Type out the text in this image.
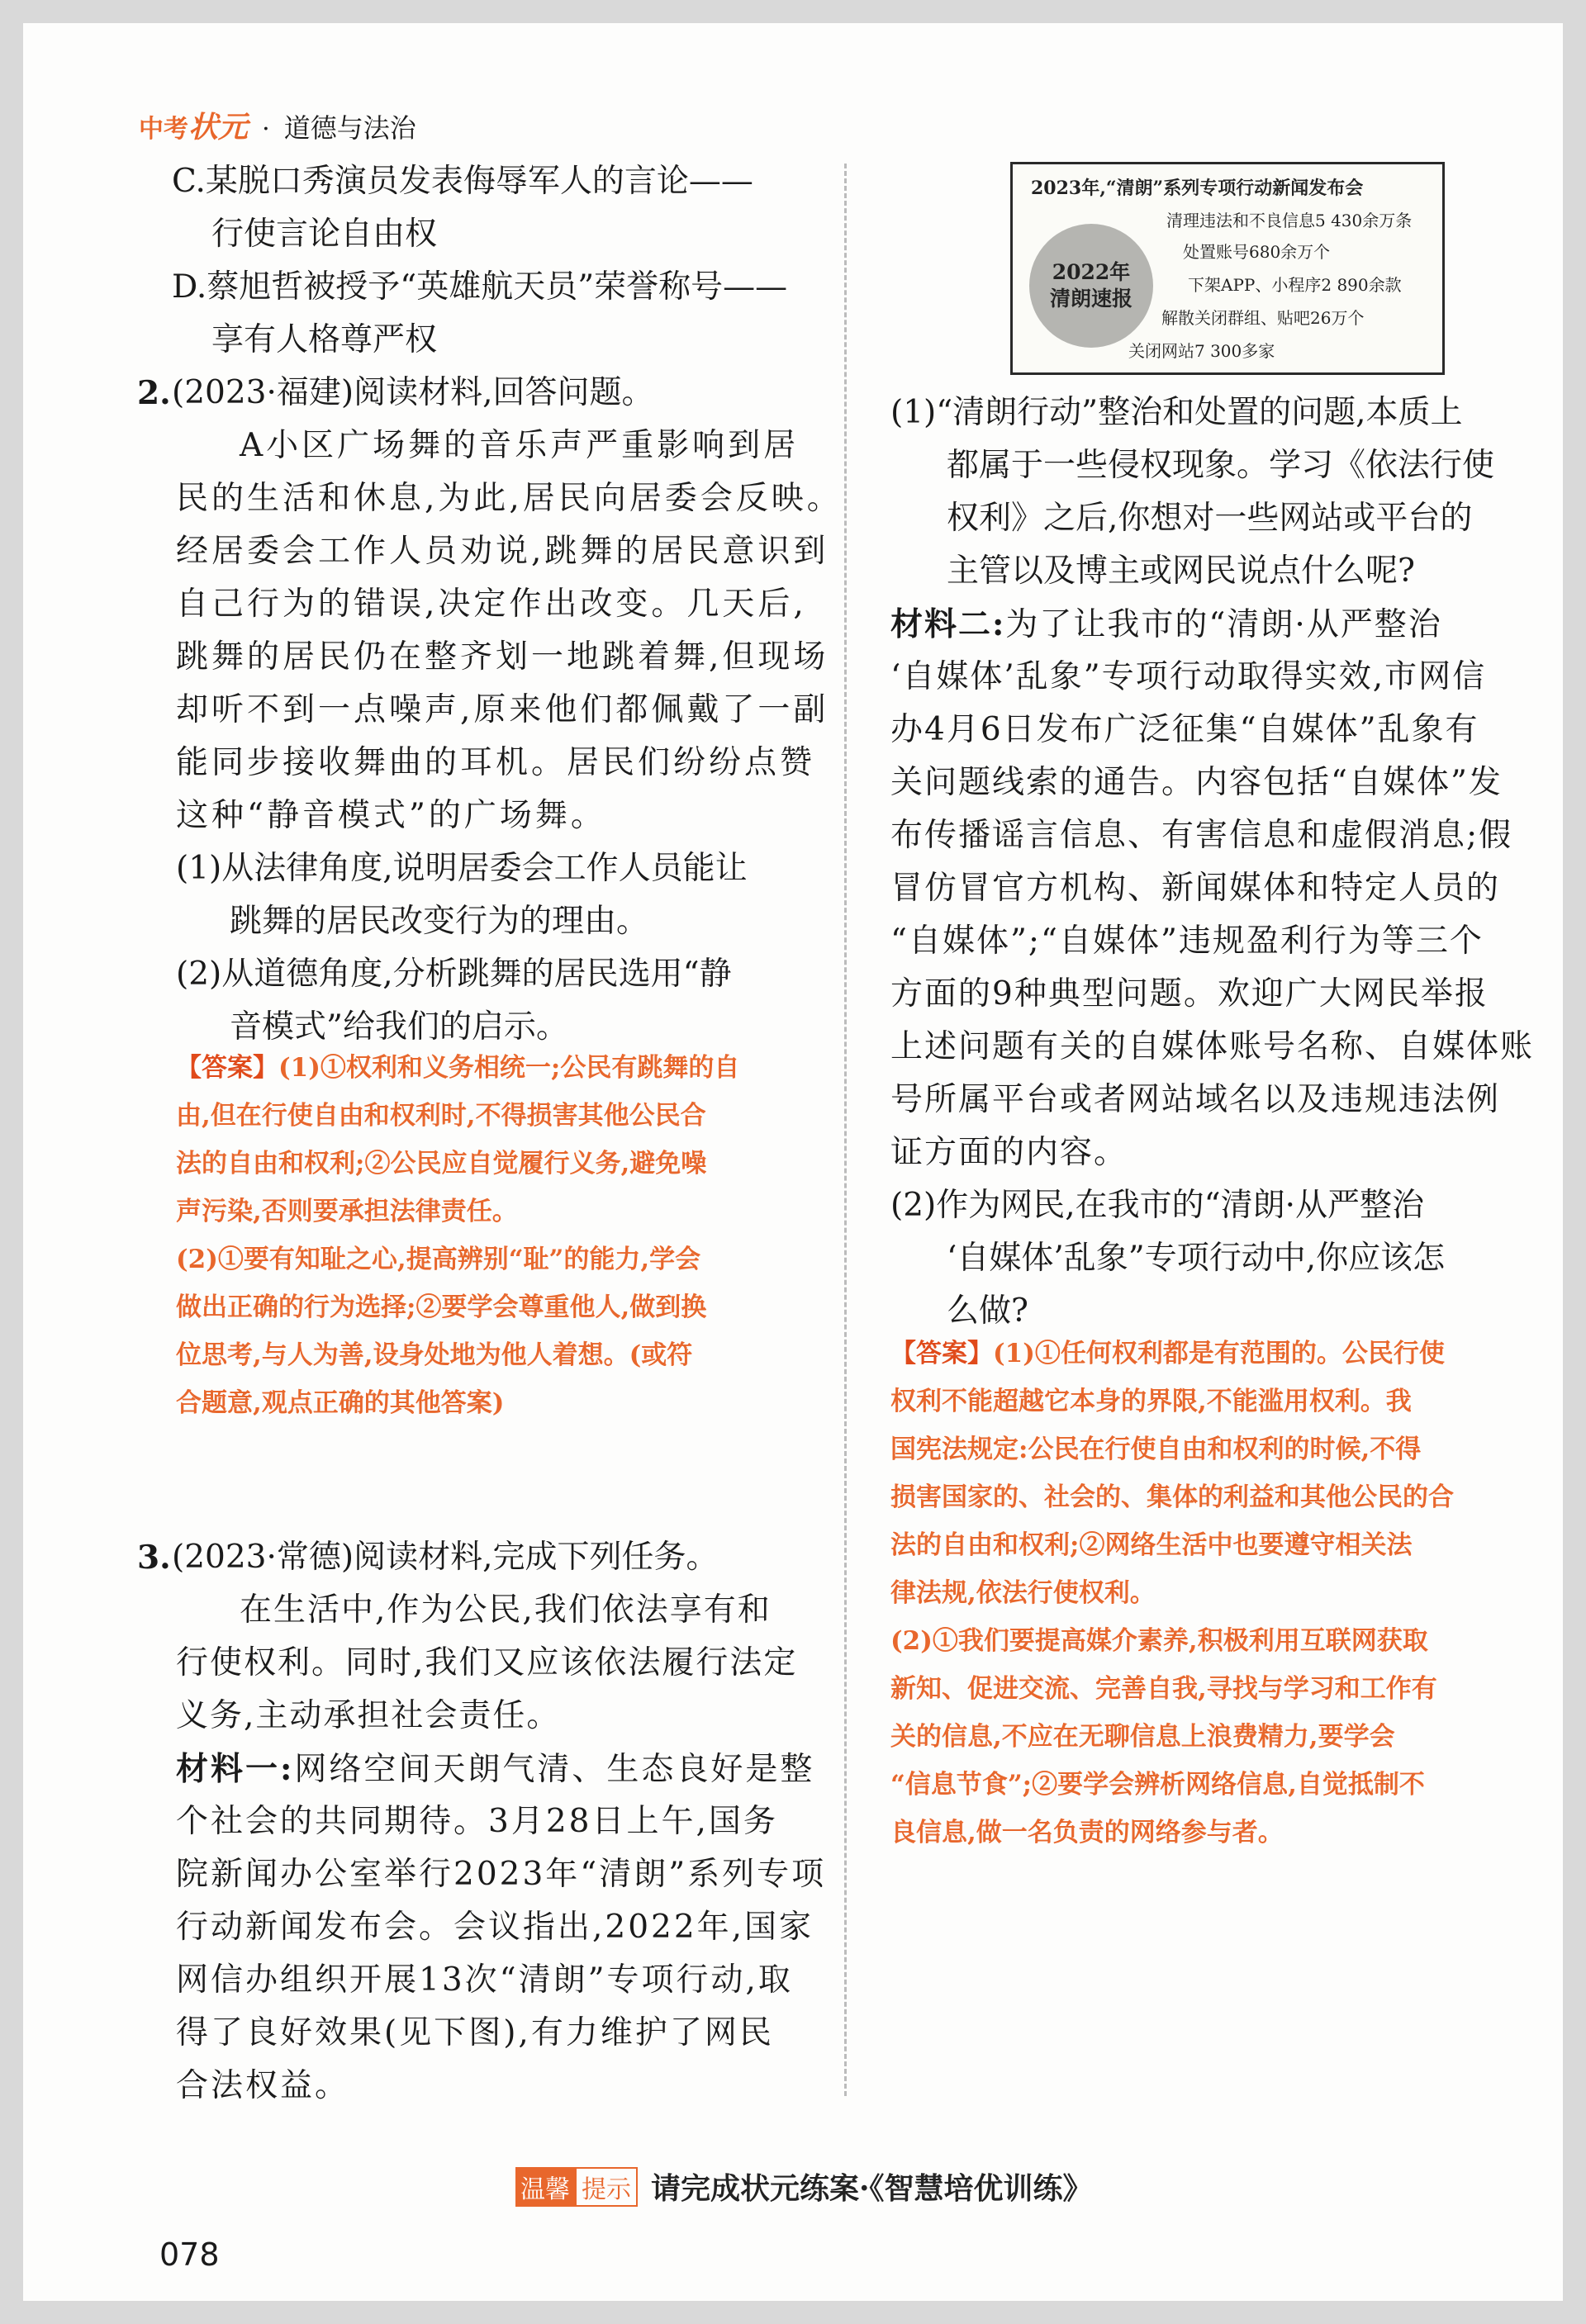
中考状元 · 道德与法治
C.某脱口秀演员发表侮辱军人的言论——
行使言论自由权
D.蔡旭哲被授予“英雄航天员”荣誉称号——
享有人格尊严权
2. (2023·福建)阅读材料,回答问题。
A小区广场舞的音乐声严重影响到居
民的生活和休息,为此,居民向居委会反映。
经居委会工作人员劝说,跳舞的居民意识到
自己行为的错误,决定作出改变。几天后,
跳舞的居民仍在整齐划一地跳着舞,但现场
却听不到一点噪声,原来他们都佩戴了一副
能同步接收舞曲的耳机。居民们纷纷点赞
这种“静音模式”的广场舞。
(1)从法律角度,说明居委会工作人员能让
跳舞的居民改变行为的理由。
(2)从道德角度,分析跳舞的居民选用“静
音模式”给我们的启示。
【答案】(1)①权利和义务相统一;公民有跳舞的自
由,但在行使自由和权利时,不得损害其他公民合
法的自由和权利;②公民应自觉履行义务,避免噪
声污染,否则要承担法律责任。
(2)①要有知耻之心,提高辨别“耻”的能力,学会
做出正确的行为选择;②要学会尊重他人,做到换
位思考,与人为善,设身处地为他人着想。(或符
合题意,观点正确的其他答案)
3. (2023·常德)阅读材料,完成下列任务。
在生活中,作为公民,我们依法享有和
行使权利。同时,我们又应该依法履行法定
义务,主动承担社会责任。
材料一:网络空间天朗气清、生态良好是整
个社会的共同期待。3月28日上午,国务
院新闻办公室举行2023年“清朗”系列专项
行动新闻发布会。会议指出,2022年,国家
网信办组织开展13次“清朗”专项行动,取
得了良好效果(见下图),有力维护了网民
合法权益。
2023年,“清朗”系列专项行动新闻发布会
2022年
清朗速报
清理违法和不良信息5 430余万条
处置账号680余万个
下架APP、小程序2 890余款
解散关闭群组、贴吧26万个
关闭网站7 300多家
(1)“清朗行动”整治和处置的问题,本质上
都属于一些侵权现象。学习《依法行使
权利》之后,你想对一些网站或平台的
主管以及博主或网民说点什么呢?
材料二:为了让我市的“清朗·从严整治
‘自媒体’乱象”专项行动取得实效,市网信
办4月6日发布广泛征集“自媒体”乱象有
关问题线索的通告。内容包括“自媒体”发
布传播谣言信息、有害信息和虚假消息;假
冒仿冒官方机构、新闻媒体和特定人员的
“自媒体”;“自媒体”违规盈利行为等三个
方面的9种典型问题。欢迎广大网民举报
上述问题有关的自媒体账号名称、自媒体账
号所属平台或者网站域名以及违规违法例
证方面的内容。
(2)作为网民,在我市的“清朗·从严整治
‘自媒体’乱象”专项行动中,你应该怎
么做?
【答案】(1)①任何权利都是有范围的。公民行使
权利不能超越它本身的界限,不能滥用权利。我
国宪法规定:公民在行使自由和权利的时候,不得
损害国家的、社会的、集体的利益和其他公民的合
法的自由和权利;②网络生活中也要遵守相关法
律法规,依法行使权利。
(2)①我们要提高媒介素养,积极利用互联网获取
新知、促进交流、完善自我,寻找与学习和工作有
关的信息,不应在无聊信息上浪费精力,要学会
“信息节食”;②要学会辨析网络信息,自觉抵制不
良信息,做一名负责的网络参与者。
温馨 提示 请完成状元练案·《智慧培优训练》
078
